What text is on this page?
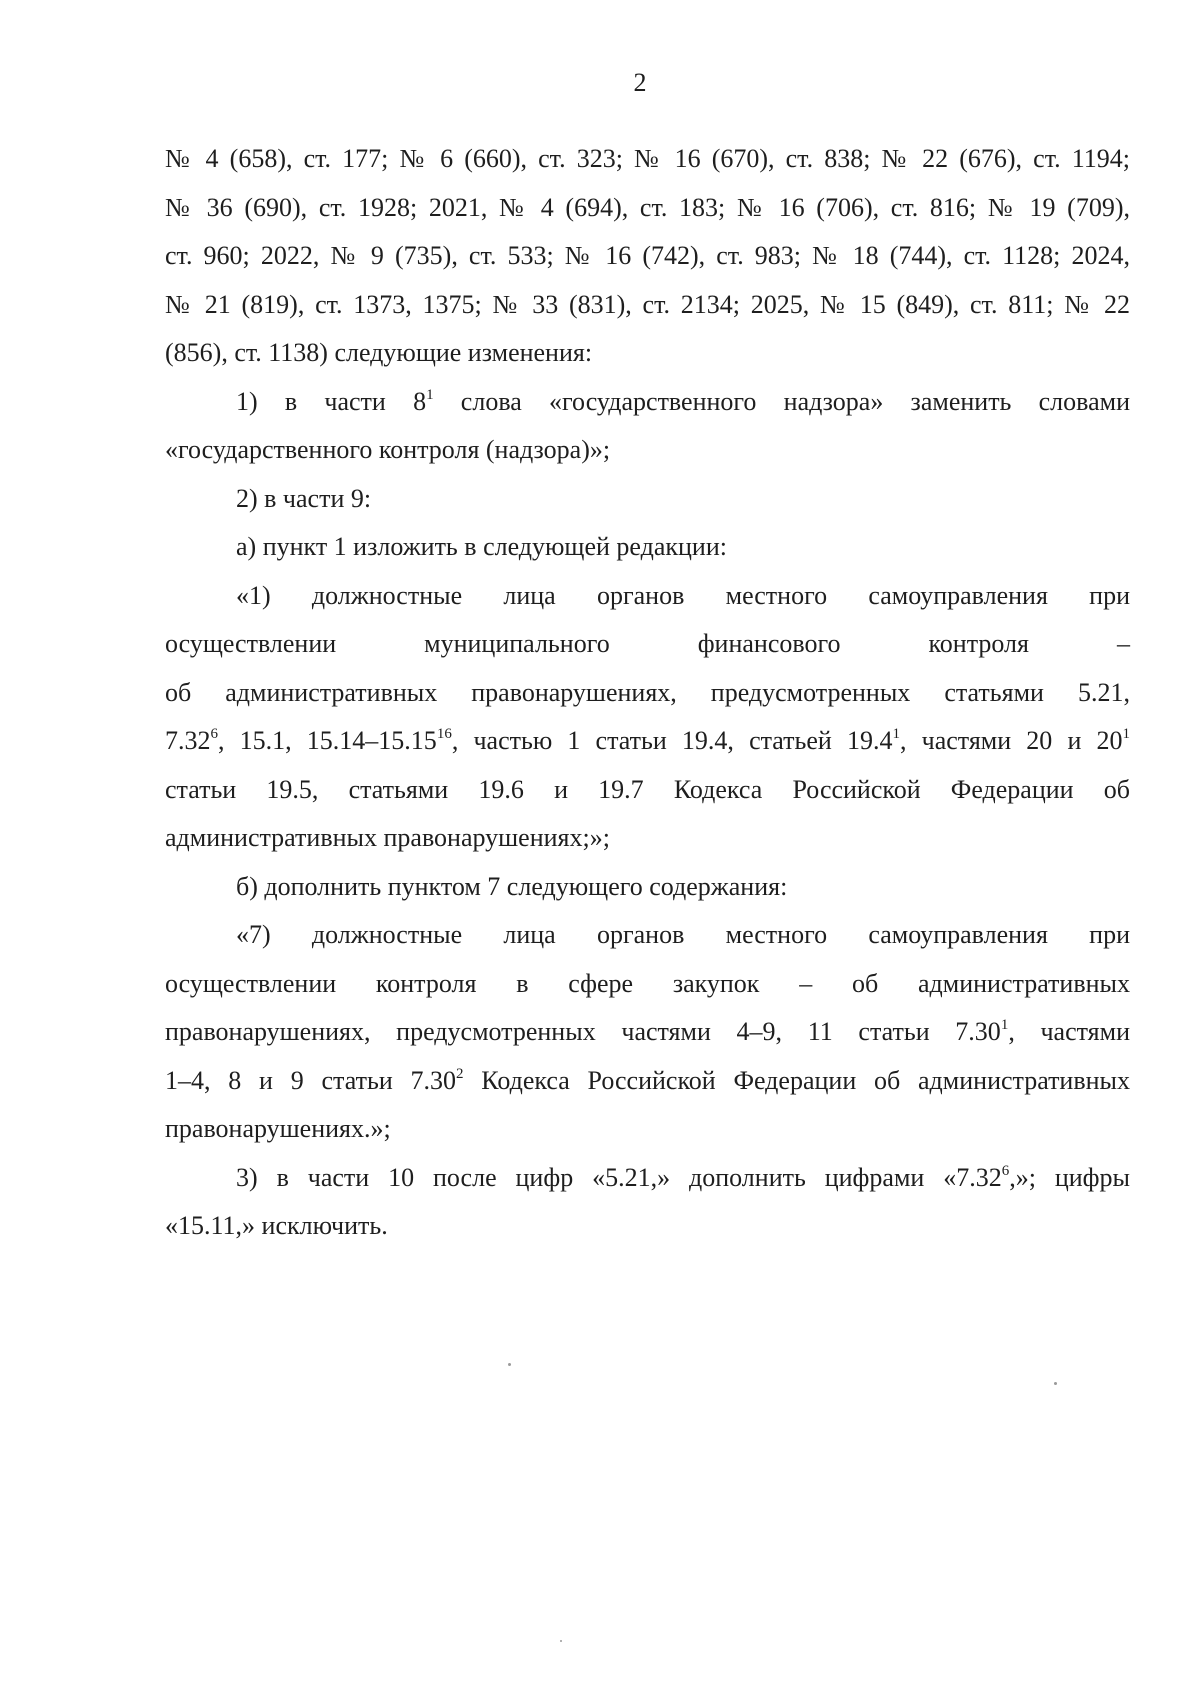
2
№ 4 (658), ст. 177; № 6 (660), ст. 323; № 16 (670), ст. 838; № 22 (676), ст. 1194;
№ 36 (690), ст. 1928; 2021, № 4 (694), ст. 183; № 16 (706), ст. 816; № 19 (709),
ст. 960; 2022, № 9 (735), ст. 533; № 16 (742), ст. 983; № 18 (744), ст. 1128; 2024,
№ 21 (819), ст. 1373, 1375; № 33 (831), ст. 2134; 2025, № 15 (849), ст. 811; № 22
(856), ст. 1138) следующие изменения:
1) в части $8^1$ слова «государственного надзора» заменить словами
«государственного контроля (надзора)»;
2) в части 9:
а) пункт 1 изложить в следующей редакции:
«1) должностные лица органов местного самоуправления при
осуществлении муниципального финансового контроля –
об административных правонарушениях, предусмотренных статьями 5.21,
7.32$^6$, 15.1, 15.14–15.15$^{16}$, частью 1 статьи 19.4, статьей 19.4$^1$, частями 20 и $20^1$
статьи 19.5, статьями 19.6 и 19.7 Кодекса Российской Федерации об
административных правонарушениях;»;
б) дополнить пунктом 7 следующего содержания:
«7) должностные лица органов местного самоуправления при
осуществлении контроля в сфере закупок – об административных
правонарушениях, предусмотренных частями 4–9, 11 статьи 7.30$^1$, частями
1–4, 8 и 9 статьи 7.30$^2$ Кодекса Российской Федерации об административных
правонарушениях.»;
3) в части 10 после цифр «5.21,» дополнить цифрами «7.32$^6$,»; цифры
«15.11,» исключить.
